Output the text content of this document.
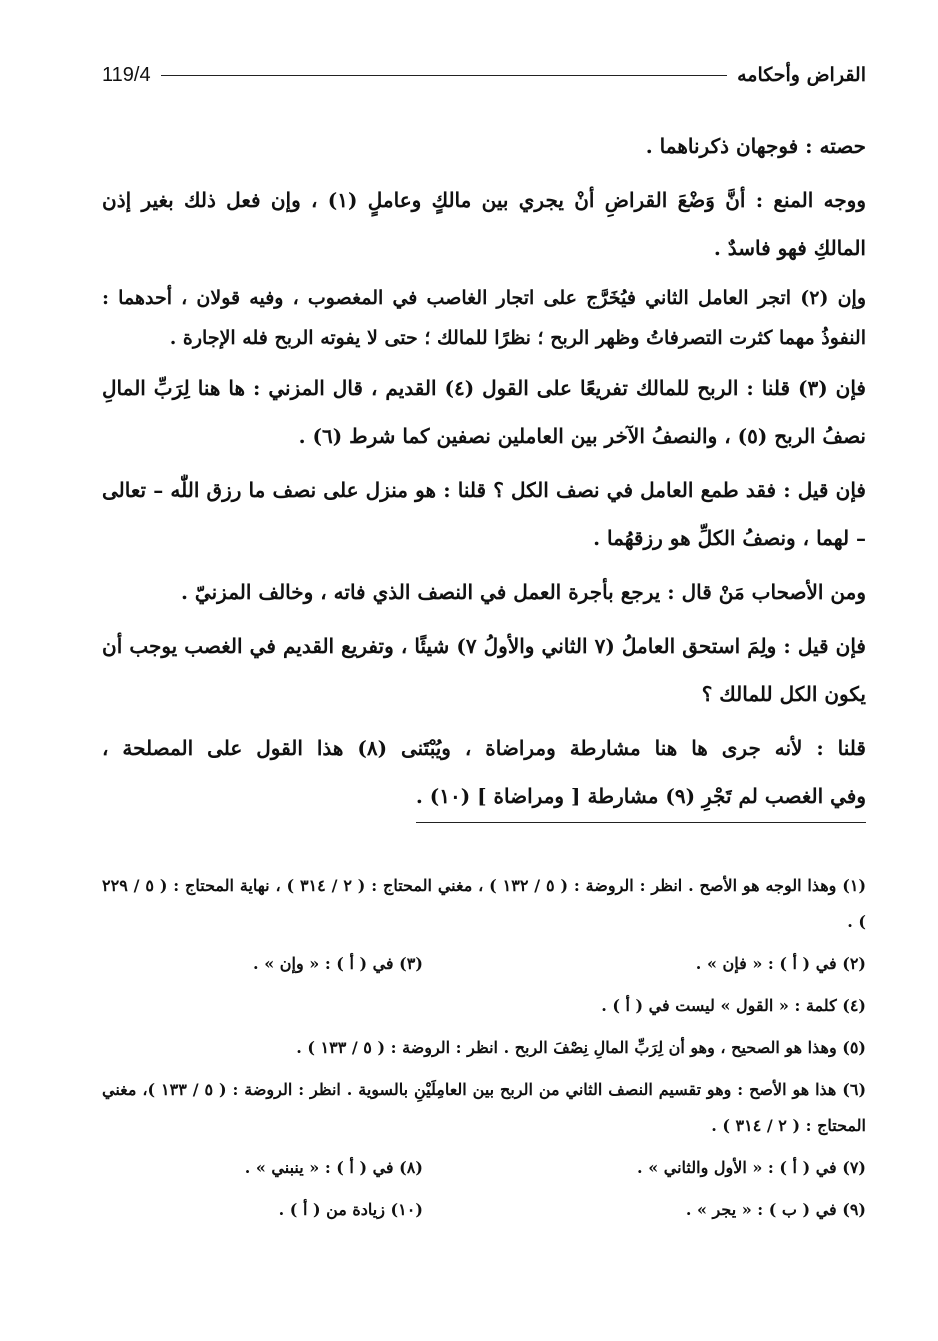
القراض وأحكامه
119/4

حصته : فوجهان ذكرناهما .

ووجه المنع : أنَّ وَضْعَ القراضِ أنْ يجري بين مالكٍ وعاملٍ (١) ، وإن فعل ذلك بغير إذن المالكِ فهو فاسدٌ .

وإن (٢) اتجر العامل الثاني فيُخَرَّج على اتجار الغاصب في المغصوب ، وفيه قولان ، أحدهما : النفوذُ مهما كثرت التصرفاتُ وظهر الربح ؛ نظرًا للمالك ؛ حتى لا يفوته الربح فله الإجارة .

فإن (٣) قلنا : الربح للمالك تفريعًا على القول (٤) القديم ، قال المزني : ها هنا لِرَبِّ المالِ نصفُ الربح (٥) ، والنصفُ الآخر بين العاملين نصفين كما شرط (٦) .

فإن قيل : فقد طمع العامل في نصف الكل ؟ قلنا : هو منزل على نصف ما رزق اللّٰه – تعالى – لهما ، ونصفُ الكلِّ هو رزقهُما .

ومن الأصحاب مَنْ قال : يرجع بأجرة العمل في النصف الذي فاته ، وخالف المزنيّ .

فإن قيل : ولِمَ استحق العاملُ (٧ الثاني والأولُ ٧) شيئًا ، وتفريع القديم في الغصب يوجب أن يكون الكل للمالك ؟

قلنا : لأنه جرى ها هنا مشارطة ومراضاة ، ويُبْتَنى (٨) هذا القول على المصلحة ، وفي الغصب لم تَجْرِ (٩) مشارطة [ ومراضاة ] (١٠) .

(١) وهذا الوجه هو الأصح . انظر : الروضة : ( ٥ / ١٣٢ ) ، مغني المحتاج : ( ٢ / ٣١٤ ) ، نهاية المحتاج : ( ٥ / ٢٢٩ ) .

(٢) في ( أ ) : « فإن » .

(٣) في ( أ ) : « وإن » .

(٤) كلمة : « القول » ليست في ( أ ) .

(٥) وهذا هو الصحيح ، وهو أن لِرَبِّ المالِ نِصْفَ الربح . انظر : الروضة : ( ٥ / ١٣٣ ) .

(٦) هذا هو الأصح : وهو تقسيم النصف الثاني من الربح بين العامِلَيْنِ بالسوية . انظر : الروضة : ( ٥ / ١٣٣ )، مغني المحتاج : ( ٢ / ٣١٤ ) .

(٧) في ( أ ) : « الأول والثاني » .

(٨) في ( أ ) : « ينبني » .

(٩) في ( ب ) : « يجر » .

(١٠) زيادة من ( أ ) .
